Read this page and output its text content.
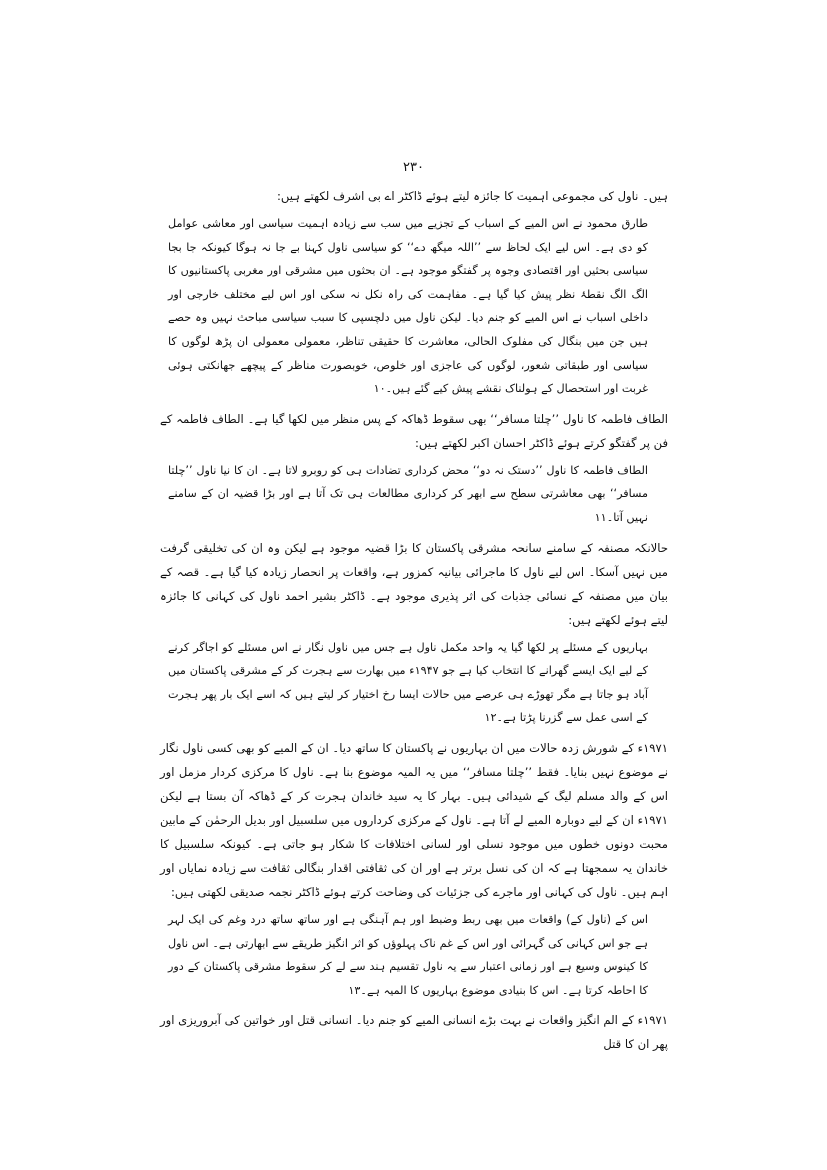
۲۳۰

ہیں۔ ناول کی مجموعی اہمیت کا جائزہ لیتے ہوئے ڈاکٹر اے بی اشرف لکھتے ہیں:

طارق محمود نے اس المیے کے اسباب کے تجزیے میں سب سے زیادہ اہمیت سیاسی اور معاشی عوامل کو دی ہے۔ اس لیے ایک لحاظ سے ’’اللہ میگھ دے‘‘ کو سیاسی ناول کہنا بے جا نہ ہوگا کیونکہ جا بجا سیاسی بحثیں اور اقتصادی وجوہ پر گفتگو موجود ہے۔ ان بحثوں میں مشرقی اور مغربی پاکستانیوں کا الگ الگ نقطۂ نظر پیش کیا گیا ہے۔ مفاہمت کی راہ نکل نہ سکی اور اس لیے مختلف خارجی اور داخلی اسباب نے اس المیے کو جنم دیا۔ لیکن ناول میں دلچسپی کا سبب سیاسی مباحث نہیں وہ حصے ہیں جن میں بنگال کی مفلوک الحالی، معاشرت کا حقیقی تناظر، معمولی معمولی ان پڑھ لوگوں کا سیاسی اور طبقاتی شعور، لوگوں کی عاجزی اور خلوص، خوبصورت مناظر کے پیچھے جھانکتی ہوئی غربت اور استحصال کے ہولناک نقشے پیش کیے گئے ہیں۔۱۰

الطاف فاطمہ کا ناول ’’چلتا مسافر‘‘ بھی سقوط ڈھاکہ کے پس منظر میں لکھا گیا ہے۔ الطاف فاطمہ کے فن پر گفتگو کرتے ہوئے ڈاکٹر احسان اکبر لکھتے ہیں:

الطاف فاطمہ کا ناول ’’دستک نہ دو‘‘ محض کرداری تضادات ہی کو روبرو لاتا ہے۔ ان کا نیا ناول ’’چلتا مسافر‘‘ بھی معاشرتی سطح سے ابھر کر کرداری مطالعات ہی تک آتا ہے اور بڑا قضیہ ان کے سامنے نہیں آتا۔۱۱

حالانکہ مصنفہ کے سامنے سانحہ مشرقی پاکستان کا بڑا قضیہ موجود ہے لیکن وہ ان کی تخلیقی گرفت میں نہیں آسکا۔ اس لیے ناول کا ماجرائی بیانیہ کمزور ہے، واقعات پر انحصار زیادہ کیا گیا ہے۔ قصہ کے بیان میں مصنفہ کے نسائی جذبات کی اثر پذیری موجود ہے۔ ڈاکٹر بشیر احمد ناول کی کہانی کا جائزہ لیتے ہوئے لکھتے ہیں:

بہاریوں کے مسئلے پر لکھا گیا یہ واحد مکمل ناول ہے جس میں ناول نگار نے اس مسئلے کو اجاگر کرنے کے لیے ایک ایسے گھرانے کا انتخاب کیا ہے جو ۱۹۴۷ء میں بھارت سے ہجرت کر کے مشرقی پاکستان میں آباد ہو جاتا ہے مگر تھوڑے ہی عرصے میں حالات ایسا رخ اختیار کر لیتے ہیں کہ اسے ایک بار پھر ہجرت کے اسی عمل سے گزرنا پڑتا ہے۔۱۲

۱۹۷۱ء کے شورش زدہ حالات میں ان بہاریوں نے پاکستان کا ساتھ دیا۔ ان کے المیے کو بھی کسی ناول نگار نے موضوع نہیں بنایا۔ فقط ’’چلتا مسافر‘‘ میں یہ المیہ موضوع بنا ہے۔ ناول کا مرکزی کردار مزمل اور اس کے والد مسلم لیگ کے شیدائی ہیں۔ بہار کا یہ سید خاندان ہجرت کر کے ڈھاکہ آن بستا ہے لیکن ۱۹۷۱ء ان کے لیے دوبارہ المیے لے آتا ہے۔ ناول کے مرکزی کرداروں میں سلسبیل اور بدیل الرحمٰن کے مابین محبت دونوں خطوں میں موجود نسلی اور لسانی اختلافات کا شکار ہو جاتی ہے۔ کیونکہ سلسبیل کا خاندان یہ سمجھتا ہے کہ ان کی نسل برتر ہے اور ان کی ثقافتی اقدار بنگالی ثقافت سے زیادہ نمایاں اور اہم ہیں۔ ناول کی کہانی اور ماجرے کی جزئیات کی وضاحت کرتے ہوئے ڈاکٹر نجمہ صدیقی لکھتی ہیں:

اس کے (ناول کے) واقعات میں بھی ربط وضبط اور ہم آہنگی ہے اور ساتھ ساتھ درد وغم کی ایک لہر ہے جو اس کہانی کی گہرائی اور اس کے غم ناک پہلوؤں کو اثر انگیز طریقے سے ابھارتی ہے۔ اس ناول کا کینوس وسیع ہے اور زمانی اعتبار سے یہ ناول تقسیم ہند سے لے کر سقوط مشرقی پاکستان کے دور کا احاطہ کرتا ہے۔ اس کا بنیادی موضوع بہاریوں کا المیہ ہے۔۱۳

۱۹۷۱ء کے الم انگیز واقعات نے بہت بڑے انسانی المیے کو جنم دیا۔ انسانی قتل اور خواتین کی آبروریزی اور پھر ان کا قتل
